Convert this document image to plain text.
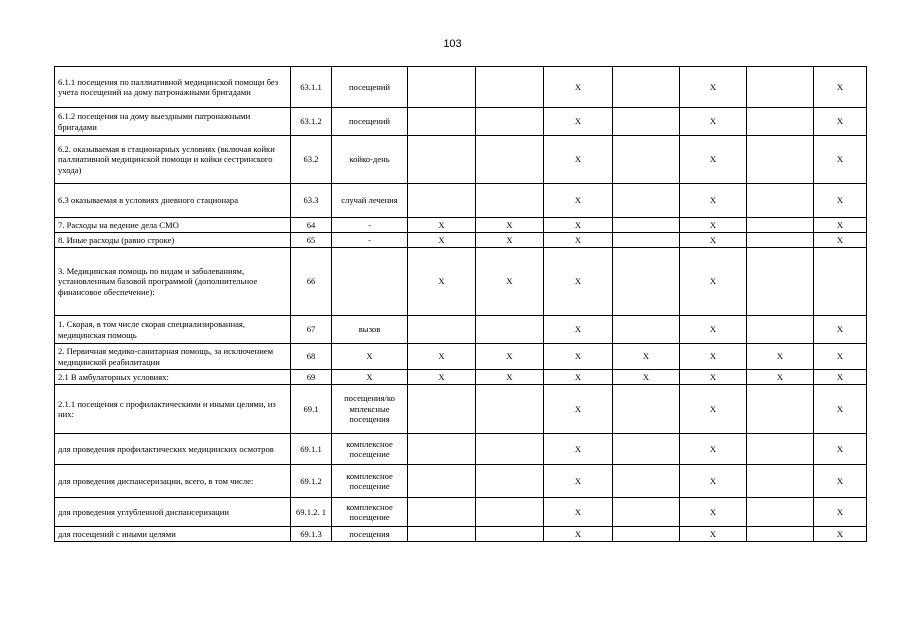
103
6.1.1 посещения по паллиативной медицинской помощи без учета посещений на дому патронажными бригадами	63.1.1	посещений			Х		Х		Х
6.1.2 посещения на дому выездными патронажными бригадами	63.1.2	посещений			Х		Х		Х
6.2. оказываемая в стационарных условиях (включая койки паллиативной медицинской помощи и койки сестринского ухода)	63.2	койко-день			Х		Х		Х
6.3 оказываемая в условиях дневного стационара	63.3	случай лечения			Х		Х		Х
7. Расходы на ведение дела СМО	64	-	Х	Х	Х		Х		Х
8. Иные расходы (равно строке)	65	-	Х	Х	Х		Х		Х
3. Медицинская помощь по видам и заболеваниям, установленным базовой программой (дополнительное финансовое обеспечение):	66		Х	Х	Х		Х		
1. Скорая, в том числе скорая специализированная, медицинская помощь	67	вызов			Х		Х		Х
2. Первичная медико-санитарная помощь, за исключением медицинской реабилитации	68	Х	Х	Х	Х	Х	Х	Х	Х
2.1 В амбулаторных условиях:	69	Х	Х	Х	Х	Х	Х	Х	Х
2.1.1 посещения с профилактическими и иными целями, из них:	69.1	посещения/ко мплексные посещения			Х		Х		Х
для проведения профилактических медицинских осмотров	69.1.1	комплексное посещение			Х		Х		Х
для проведения диспансеризации, всего, в том числе:	69.1.2	комплексное посещение			Х		Х		Х
для проведения углубленной диспансеризации	69.1.2. 1	комплексное посещение			Х		Х		Х
для посещений с иными целями	69.1.3	посещения			Х		Х		Х
